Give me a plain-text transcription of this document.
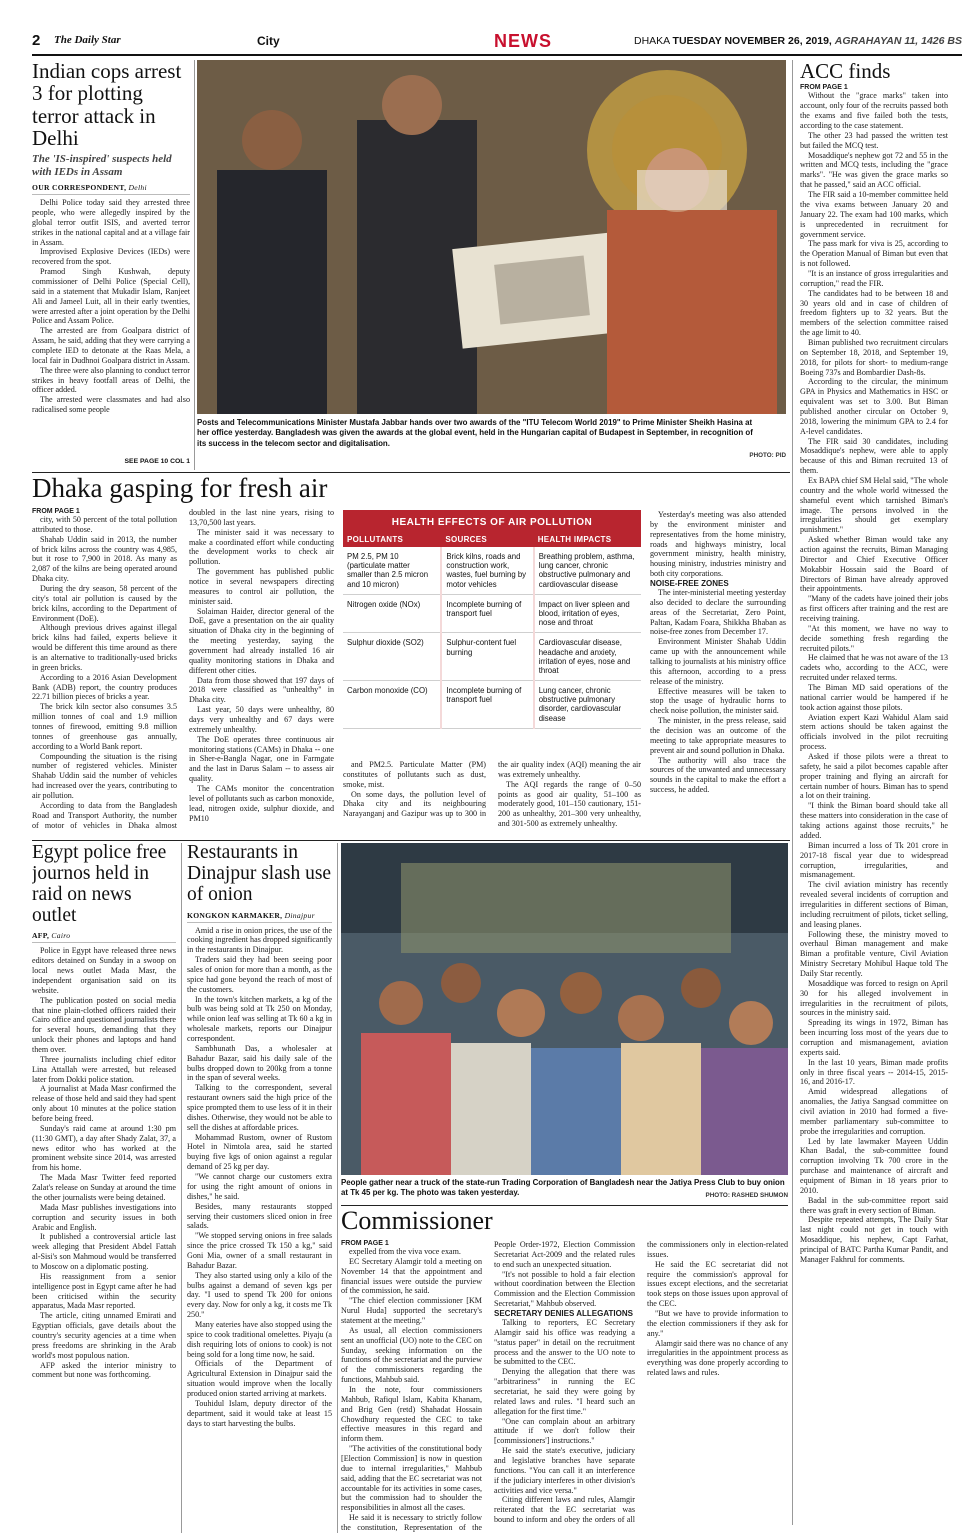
2 The Daily Star	City	NEWS	DHAKA TUESDAY NOVEMBER 26, 2019, AGRAHAYAN 11, 1426 BS
Indian cops arrest 3 for plotting terror attack in Delhi
The 'IS-inspired' suspects held with IEDs in Assam
OUR CORRESPONDENT, Delhi

Delhi Police today said they arrested three people, who were allegedly inspired by the global terror outfit ISIS, and averted terror strikes in the national capital and at a village fair in Assam.

Improvised Explosive Devices (IEDs) were recovered from the spot.

Pramod Singh Kushwah, deputy commissioner of Delhi Police (Special Cell), said in a statement that Mukadir Islam, Ranjeet Ali and Jameel Luit, all in their early twenties, were arrested after a joint operation by the Delhi Police and Assam Police.

The arrested are from Goalpara district of Assam, he said, adding that they were carrying a complete IED to detonate at the Raas Mela, a local fair in Dudhnoi Goalpara district in Assam.

The three were also planning to conduct terror strikes in heavy footfall areas of Delhi, the officer added.

The arrested were classmates and had also radicalised some people

SEE PAGE 10 COL 1
Posts and Telecommunications Minister Mustafa Jabbar hands over two awards of the "ITU Telecom World 2019" to Prime Minister Sheikh Hasina at her office yesterday. Bangladesh was given the awards at the global event, held in the Hungarian capital of Budapest in September, in recognition of its success in the telecom sector and digitalisation.
PHOTO: PID
ACC finds

FROM PAGE 1

Without the "grace marks" taken into account, only four of the recruits passed both the exams and five failed both the tests, according to the case statement.

The other 23 had passed the written test but failed the MCQ test.

Mosaddique's nephew got 72 and 55 in the written and MCQ tests, including the "grace marks". "He was given the grace marks so that he passed," said an ACC official.

The FIR said a 10-member committee held the viva exams between January 20 and January 22. The exam had 100 marks, which is unprecedented in recruitment for government service.

The pass mark for viva is 25, according to the Operation Manual of Biman but even that is not followed.

"It is an instance of gross irregularities and corruption," read the FIR.

The candidates had to be between 18 and 30 years old and in case of children of freedom fighters up to 32 years. But the members of the selection committee raised the age limit to 40.

Biman published two recruitment circulars on September 18, 2018, and September 19, 2018, for pilots for short- to medium-range Boeing 737s and Bombardier Dash-8s.

According to the circular, the minimum GPA in Physics and Mathematics in HSC or equivalent was set to 3.00. But Biman published another circular on October 9, 2018, lowering the minimum GPA to 2.4 for A-level candidates.

The FIR said 30 candidates, including Mosaddique's nephew, were able to apply because of this and Biman recruited 13 of them.

Ex BAPA chief SM Helal said, "The whole country and the whole world witnessed the shameful event which tarnished Biman's image. The persons involved in the irregularities should get exemplary punishment."

Asked whether Biman would take any action against the recruits, Biman Managing Director and Chief Executive Officer Mokabbir Hossain said the Board of Directors of Biman have already approved their appointments.

"Many of the cadets have joined their jobs as first officers after training and the rest are receiving training.

"At this moment, we have no way to decide something fresh regarding the recruited pilots."

He claimed that he was not aware of the 13 cadets who, according to the ACC, were recruited under relaxed terms.

The Biman MD said operations of the national carrier would be hampered if he took action against those pilots.

Aviation expert Kazi Wahidul Alam said stern actions should be taken against the officials involved in the pilot recruiting process.

Asked if those pilots were a threat to safety, he said a pilot becomes capable after proper training and flying an aircraft for certain number of hours. Biman has to spend a lot on their training.

"I think the Biman board should take all these matters into consideration in the case of taking actions against those recruits," he added.

Biman incurred a loss of Tk 201 crore in 2017-18 fiscal year due to widespread corruption, irregularities, and mismanagement.

The civil aviation ministry has recently revealed several incidents of corruption and irregularities in different sections of Biman, including recruitment of pilots, ticket selling, and leasing planes.

Following these, the ministry moved to overhaul Biman management and make Biman a profitable venture, Civil Aviation Ministry Secretary Mohibul Haque told The Daily Star recently.

Mosaddique was forced to resign on April 30 for his alleged involvement in irregularities in the recruitment of pilots, sources in the ministry said.

Spreading its wings in 1972, Biman has been incurring loss most of the years due to corruption and mismanagement, aviation experts said.

In the last 10 years, Biman made profits only in three fiscal years -- 2014-15, 2015-16, and 2016-17.

Amid widespread allegations of anomalies, the Jatiya Sangsad committee on civil aviation in 2010 had formed a five-member parliamentary sub-committee to probe the irregularities and corruption.

Led by late lawmaker Mayeen Uddin Khan Badal, the sub-committee found corruption involving Tk 700 crore in the purchase and maintenance of aircraft and equipment of Biman in 18 years prior to 2010.

Badal in the sub-committee report said there was graft in every section of Biman.

Despite repeated attempts, The Daily Star last night could not get in touch with Mosaddique, his nephew, Capt Farhat, principal of BATC Partha Kumar Pandit, and Manager Fakhrul for comments.

Dhaka gasping for fresh air

FROM PAGE 1

city, with 50 percent of the total pollution attributed to those.

Shahab Uddin said in 2013, the number of brick kilns across the country was 4,985, but it rose to 7,900 in 2018. As many as 2,087 of the kilns are being operated around Dhaka city.

During the dry season, 58 percent of the city's total air pollution is caused by the brick kilns, according to the Department of Environment (DoE).

Although previous drives against illegal brick kilns had failed, experts believe it would be different this time around as there is an alternative to traditionally-used bricks in green bricks.

According to a 2016 Asian Development Bank (ADB) report, the country produces 22.71 billion pieces of bricks a year.

The brick kiln sector also consumes 3.5 million tonnes of coal and 1.9 million tonnes of firewood, emitting 9.8 million tonnes of greenhouse gas annually, according to a World Bank report.

Compounding the situation is the rising number of registered vehicles. Minister Shahab Uddin said the number of vehicles had increased over the years, contributing to air pollution.

According to data from the Bangladesh Road and Transport Authority, the number of motor of vehicles in Dhaka almost doubled in the last nine years, rising to 13,70,500 last years.

The minister said it was necessary to make a coordinated effort while conducting the development works to check air pollution.

The government has published public notice in several newspapers directing measures to control air pollution, the minister said.

Solaiman Haider, director general of the DoE, gave a presentation on the air quality situation of Dhaka city in the beginning of the meeting yesterday, saying the government had already installed 16 air quality monitoring stations in Dhaka and different other cities.

Data from those showed that 197 days of 2018 were classified as "unhealthy" in Dhaka city.

Last year, 50 days were unhealthy, 80 days very unhealthy and 67 days were extremely unhealthy.

The DoE operates three continuous air monitoring stations (CAMs) in Dhaka -- one in Sher-e-Bangla Nagar, one in Farmgate and the last in Darus Salam -- to assess air quality.

The CAMs monitor the concentration level of pollutants such as carbon monoxide, lead, nitrogen oxide, sulphur dioxide, and PM10

HEALTH EFFECTS OF AIR POLLUTION
POLLUTANTS	SOURCES	HEALTH IMPACTS
PM 2.5, PM 10 (particulate matter smaller than 2.5 micron and 10 micron)	Brick kilns, roads and construction work, wastes, fuel burning by motor vehicles	Breathing problem, asthma, lung cancer, chronic obstructive pulmonary and cardiovascular disease
Nitrogen oxide (NOx)	Incomplete burning of transport fuel	Impact on liver spleen and blood, irritation of eyes, nose and throat
Sulphur dioxide (SO2)	Sulphur-content fuel burning	Cardiovascular disease, headache and anxiety, irritation of eyes, nose and throat
Carbon monoxide (CO)	Incomplete burning of transport fuel	Lung cancer, chronic obstructive pulmonary disorder, cardiovascular disease

and PM2.5. Particulate Matter (PM) constitutes of pollutants such as dust, smoke, mist.

On some days, the pollution level of Dhaka city and its neighbouring Narayanganj and Gazipur was up to 300 in the air quality index (AQI) meaning the air was extremely unhealthy.

The AQI regards the range of 0–50 points as good air quality, 51–100 as moderately good, 101–150 cautionary, 151-200 as unhealthy, 201–300 very unhealthy, and 301-500 as extremely unhealthy.

Yesterday's meeting was also attended by the environment minister and representatives from the home ministry, roads and highways ministry, local government ministry, health ministry, housing ministry, industries ministry and both city corporations.

NOISE-FREE ZONES

The inter-ministerial meeting yesterday also decided to declare the surrounding areas of the Secretariat, Zero Point, Paltan, Kadam Foara, Shikkha Bhaban as noise-free zones from December 17.

Environment Minister Shahab Uddin came up with the announcement while talking to journalists at his ministry office this afternoon, according to a press release of the ministry.

Effective measures will be taken to stop the usage of hydraulic horns to check noise pollution, the minister said.

The minister, in the press release, said the decision was an outcome of the meeting to take appropriate measures to prevent air and sound pollution in Dhaka.

The authority will also trace the sources of the unwanted and unnecessary sounds in the capital to make the effort a success, he added.

Egypt police free journos held in raid on news outlet
AFP, Cairo

Police in Egypt have released three news editors detained on Sunday in a swoop on local news outlet Mada Masr, the independent organisation said on its website.

The publication posted on social media that nine plain-clothed officers raided their Cairo office and questioned journalists there for several hours, demanding that they unlock their phones and laptops and hand them over.

Three journalists including chief editor Lina Attallah were arrested, but released later from Dokki police station.

A journalist at Mada Masr confirmed the release of those held and said they had spent only about 10 minutes at the police station before being freed.

Sunday's raid came at around 1:30 pm (11:30 GMT), a day after Shady Zalat, 37, a news editor who has worked at the prominent website since 2014, was arrested from his home.

The Mada Masr Twitter feed reported Zalat's release on Sunday at around the time the other journalists were being detained.

Mada Masr publishes investigations into corruption and security issues in both Arabic and English.

It published a controversial article last week alleging that President Abdel Fattah al-Sisi's son Mahmoud would be transferred to Moscow on a diplomatic posting.

His reassignment from a senior intelligence post in Egypt came after he had been criticised within the security apparatus, Mada Masr reported.

The article, citing unnamed Emirati and Egyptian officials, gave details about the country's security agencies at a time when press freedoms are shrinking in the Arab world's most populous nation.

AFP asked the interior ministry to comment but none was forthcoming.

Restaurants in Dinajpur slash use of onion
KONGKON KARMAKER, Dinajpur

Amid a rise in onion prices, the use of the cooking ingredient has dropped significantly in the restaurants in Dinajpur.

Traders said they had been seeing poor sales of onion for more than a month, as the spice had gone beyond the reach of most of the customers.

In the town's kitchen markets, a kg of the bulb was being sold at Tk 250 on Monday, while onion leaf was selling at Tk 60 a kg in wholesale markets, reports our Dinajpur correspondent.

Sambhunath Das, a wholesaler at Bahadur Bazar, said his daily sale of the bulbs dropped down to 200kg from a tonne in the span of several weeks.

Talking to the correspondent, several restaurant owners said the high price of the spice prompted them to use less of it in their dishes. Otherwise, they would not be able to sell the dishes at affordable prices.

Mohammad Rustom, owner of Rustom Hotel in Nimtola area, said he started buying five kgs of onion against a regular demand of 25 kg per day.

"We cannot charge our customers extra for using the right amount of onions in dishes," he said.

Besides, many restaurants stopped serving their customers sliced onion in free salads.

"We stopped serving onions in free salads since the price crossed Tk 150 a kg," said Goni Mia, owner of a small restaurant in Bahadur Bazar.

They also started using only a kilo of the bulbs against a demand of seven kgs per day. "I used to spend Tk 200 for onions every day. Now for only a kg, it costs me Tk 250."

Many eateries have also stopped using the spice to cook traditional omelettes. Piyaju (a dish requiring lots of onions to cook) is not being sold for a long time now, he said.

Officials of the Department of Agricultural Extension in Dinajpur said the situation would improve when the locally produced onion started arriving at markets.

Touhidul Islam, deputy director of the department, said it would take at least 15 days to start harvesting the bulbs.

People gather near a truck of the state-run Trading Corporation of Bangladesh near the Jatiya Press Club to buy onion at Tk 45 per kg. The photo was taken yesterday.	PHOTO: RASHED SHUMON
Commissioner

FROM PAGE 1

expelled from the viva voce exam.

EC Secretary Alamgir told a meeting on November 14 that the appointment and financial issues were outside the purview of the commission, he said.

"The chief election commissioner [KM Nurul Huda] supported the secretary's statement at the meeting."

As usual, all election commissioners sent an unofficial (UO) note to the CEC on Sunday, seeking information on the functions of the secretariat and the purview of the commissioners regarding the functions, Mahbub said.

In the note, four commissioners Mahbub, Rafiqul Islam, Kabita Khanam, and Brig Gen (retd) Shahadat Hossain Chowdhury requested the CEC to take effective measures in this regard and inform them.

"The activities of the constitutional body [Election Commission] is now in question due to internal irregularities," Mahbub said, adding that the EC secretariat was not accountable for its activities in some cases, but the commission had to shoulder the responsibilities in almost all the cases.

He said it is necessary to strictly follow the constitution, Representation of the People Order-1972, Election Commission Secretariat Act-2009 and the related rules to end such an unexpected situation.

"It's not possible to hold a fair election without coordination between the Election Commission and the Election Commission Secretariat," Mahbub observed.

SECRETARY DENIES ALLEGATIONS

Talking to reporters, EC Secretary Alamgir said his office was readying a "status paper" in detail on the recruitment process and the answer to the UO note to be submitted to the CEC.

Denying the allegation that there was "arbitrariness" in running the EC secretariat, he said they were going by related laws and rules. "I heard such an allegation for the first time."

"One can complain about an arbitrary attitude if we don't follow their [commissioners'] instructions."

He said the state's executive, judiciary and legislative branches have separate functions. "You can call it an interference if the judiciary interferes in other division's activities and vice versa."

Citing different laws and rules, Alamgir reiterated that the EC secretariat was bound to inform and obey the orders of all the commissioners only in election-related issues.

He said the EC secretariat did not require the commission's approval for issues except elections, and the secretariat took steps on those issues upon approval of the CEC.

"But we have to provide information to the election commissioners if they ask for any."

Alamgir said there was no chance of any irregularities in the appointment process as everything was done properly according to related laws and rules.
